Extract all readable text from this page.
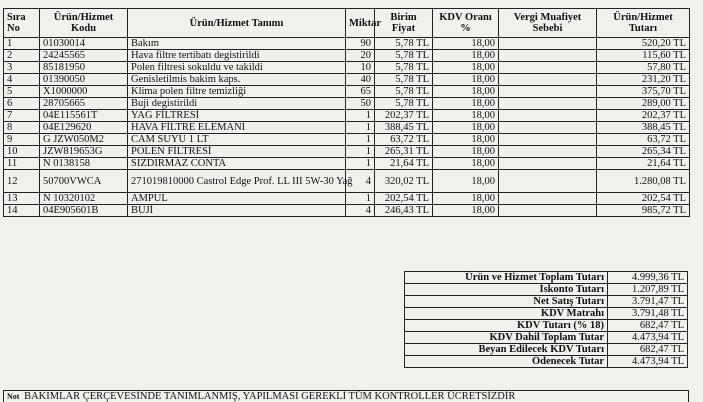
Sıra No	Ürün/Hizmet Kodu	Ürün/Hizmet Tanımı	Miktar	Birim Fiyat	KDV Oranı %	Vergi Muafiyet Sebebi	Ürün/Hizmet Tutarı
1	01030014	Bakım	90	5,78 TL	18,00		520,20 TL
2	24245565	Hava filtre tertibatı degistirildi	20	5,78 TL	18,00		115,60 TL
3	85181950	Polen filtresi sokuldu ve takildi	10	5,78 TL	18,00		57,80 TL
4	01390050	Genisletilmis bakim kaps.	40	5,78 TL	18,00		231,20 TL
5	X1000000	Klima polen filtre temizliği	65	5,78 TL	18,00		375,70 TL
6	28705665	Buji degistirildi	50	5,78 TL	18,00		289,00 TL
7	04E115561T	YAĞ FİLTRESİ	1	202,37 TL	18,00		202,37 TL
8	04E129620	HAVA FİLTRE ELEMANI	1	388,45 TL	18,00		388,45 TL
9	G JZW050M2	CAM SUYU 1 LT	1	63,72 TL	18,00		63,72 TL
10	JZW819653G	POLEN FİLTRESİ	1	265,31 TL	18,00		265,34 TL
11	N 0138158	SIZDIRMAZ CONTA	1	21,64 TL	18,00		21,64 TL
12	50700VWCA	271019810000 Castrol Edge Prof. LL III 5W-30 Yağ	4	320,02 TL	18,00		1.280,08 TL
13	N 10320102	AMPUL	1	202,54 TL	18,00		202,54 TL
14	04E905601B	BUJİ	4	246,43 TL	18,00		985,72 TL
Ürün ve Hizmet Toplam Tutarı	4.999,36 TL
İskonto Tutarı	1.207,89 TL
Net Satış Tutarı	3.791,47 TL
KDV Matrahı	3.791,48 TL
KDV Tutarı (% 18)	682,47 TL
KDV Dahil Toplam Tutar	4.473,94 TL
Beyan Edilecek KDV Tutarı	682,47 TL
Ödenecek Tutar	4.473,94 TL
Not BAKIMLAR ÇERÇEVESİNDE TANIMLANMIŞ, YAPILMASI GEREKLİ TÜM KONTROLLER ÜCRETSİZDİR
